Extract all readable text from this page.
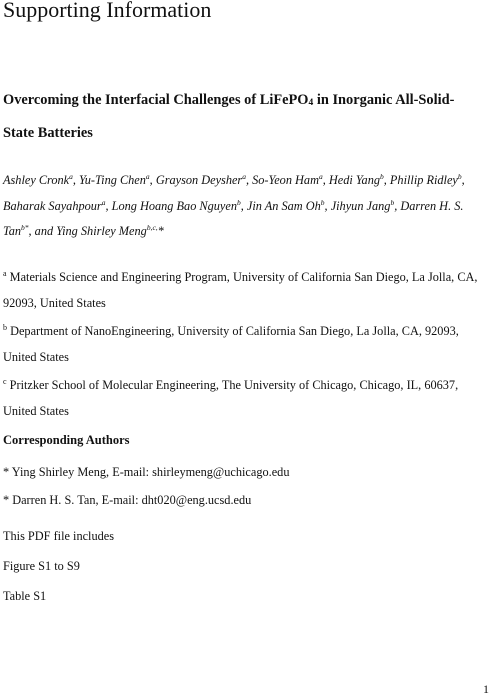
Supporting Information
Overcoming the Interfacial Challenges of LiFePO$_4$ in Inorganic All-Solid-State Batteries
Ashley Cronk$^a$, Yu-Ting Chen$^a$, Grayson Deysher$^a$, So-Yeon Ham$^a$, Hedi Yang$^b$, Phillip Ridley$^b$, Baharak Sayahpour$^a$, Long Hoang Bao Nguyen$^b$, Jin An Sam Oh$^b$, Jihyun Jang$^b$, Darren H. S. Tan$^{b*}$, and Ying Shirley Meng$^{b,c,}$*
$^a$ Materials Science and Engineering Program, University of California San Diego, La Jolla, CA, 92093, United States
$^b$ Department of NanoEngineering, University of California San Diego, La Jolla, CA, 92093, United States
$^c$ Pritzker School of Molecular Engineering, The University of Chicago, Chicago, IL, 60637, United States
Corresponding Authors
* Ying Shirley Meng, E-mail: shirleymeng@uchicago.edu
* Darren H. S. Tan, E-mail: dht020@eng.ucsd.edu
This PDF file includes
Figure S1 to S9
Table S1
1
